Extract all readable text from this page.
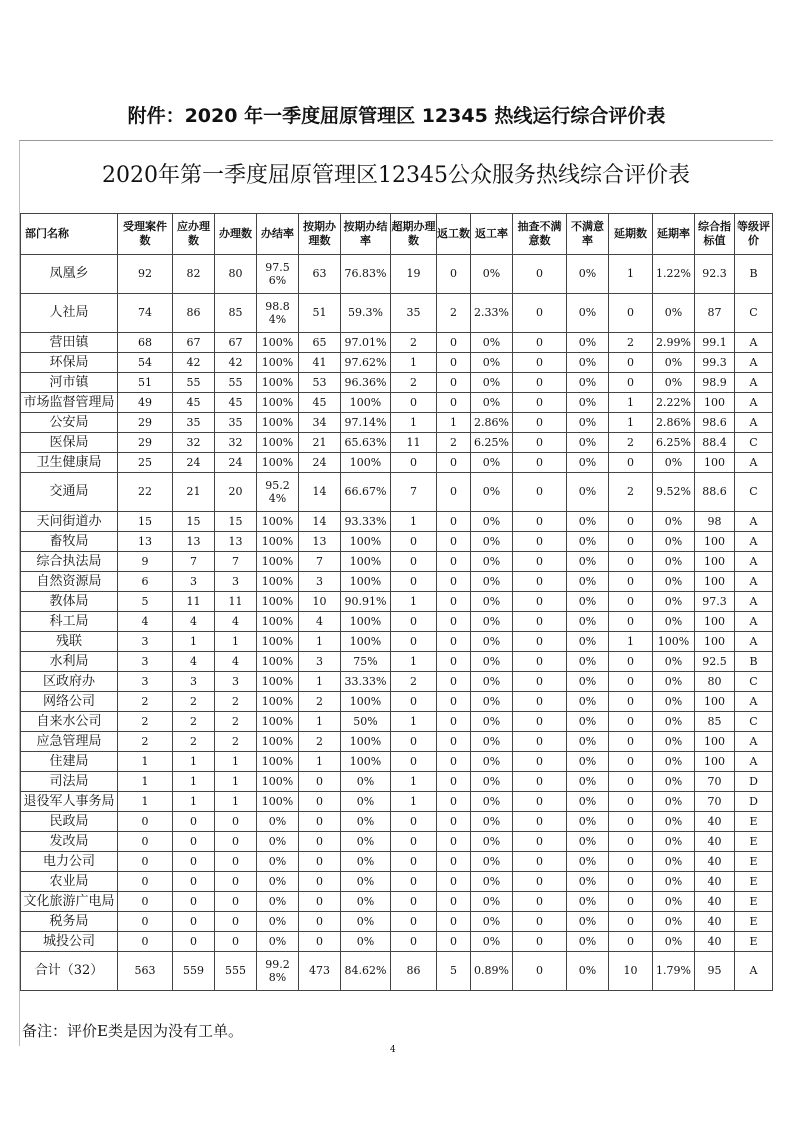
附件：2020 年一季度屈原管理区 12345 热线运行综合评价表
2020年第一季度屈原管理区12345公众服务热线综合评价表
部门名称	受理案件数	应办理数	办理数	办结率	按期办理数	按期办结率	超期办理数	返工数	返工率	抽查不满意数	不满意率	延期数	延期率	综合指标值	等级评价
凤凰乡	92	82	80	97.56%	63	76.83%	19	0	0%	0	0%	1	1.22%	92.3	B
人社局	74	86	85	98.84%	51	59.3%	35	2	2.33%	0	0%	0	0%	87	C
营田镇	68	67	67	100%	65	97.01%	2	0	0%	0	0%	2	2.99%	99.1	A
环保局	54	42	42	100%	41	97.62%	1	0	0%	0	0%	0	0%	99.3	A
河市镇	51	55	55	100%	53	96.36%	2	0	0%	0	0%	0	0%	98.9	A
市场监督管理局	49	45	45	100%	45	100%	0	0	0%	0	0%	1	2.22%	100	A
公安局	29	35	35	100%	34	97.14%	1	1	2.86%	0	0%	1	2.86%	98.6	A
医保局	29	32	32	100%	21	65.63%	11	2	6.25%	0	0%	2	6.25%	88.4	C
卫生健康局	25	24	24	100%	24	100%	0	0	0%	0	0%	0	0%	100	A
交通局	22	21	20	95.24%	14	66.67%	7	0	0%	0	0%	2	9.52%	88.6	C
天问街道办	15	15	15	100%	14	93.33%	1	0	0%	0	0%	0	0%	98	A
畜牧局	13	13	13	100%	13	100%	0	0	0%	0	0%	0	0%	100	A
综合执法局	9	7	7	100%	7	100%	0	0	0%	0	0%	0	0%	100	A
自然资源局	6	3	3	100%	3	100%	0	0	0%	0	0%	0	0%	100	A
教体局	5	11	11	100%	10	90.91%	1	0	0%	0	0%	0	0%	97.3	A
科工局	4	4	4	100%	4	100%	0	0	0%	0	0%	0	0%	100	A
残联	3	1	1	100%	1	100%	0	0	0%	0	0%	1	100%	100	A
水利局	3	4	4	100%	3	75%	1	0	0%	0	0%	0	0%	92.5	B
区政府办	3	3	3	100%	1	33.33%	2	0	0%	0	0%	0	0%	80	C
网络公司	2	2	2	100%	2	100%	0	0	0%	0	0%	0	0%	100	A
自来水公司	2	2	2	100%	1	50%	1	0	0%	0	0%	0	0%	85	C
应急管理局	2	2	2	100%	2	100%	0	0	0%	0	0%	0	0%	100	A
住建局	1	1	1	100%	1	100%	0	0	0%	0	0%	0	0%	100	A
司法局	1	1	1	100%	0	0%	1	0	0%	0	0%	0	0%	70	D
退役军人事务局	1	1	1	100%	0	0%	1	0	0%	0	0%	0	0%	70	D
民政局	0	0	0	0%	0	0%	0	0	0%	0	0%	0	0%	40	E
发改局	0	0	0	0%	0	0%	0	0	0%	0	0%	0	0%	40	E
电力公司	0	0	0	0%	0	0%	0	0	0%	0	0%	0	0%	40	E
农业局	0	0	0	0%	0	0%	0	0	0%	0	0%	0	0%	40	E
文化旅游广电局	0	0	0	0%	0	0%	0	0	0%	0	0%	0	0%	40	E
税务局	0	0	0	0%	0	0%	0	0	0%	0	0%	0	0%	40	E
城投公司	0	0	0	0%	0	0%	0	0	0%	0	0%	0	0%	40	E
合计（32）	563	559	555	99.28%	473	84.62%	86	5	0.89%	0	0%	10	1.79%	95	A
备注：评价E类是因为没有工单。
4
